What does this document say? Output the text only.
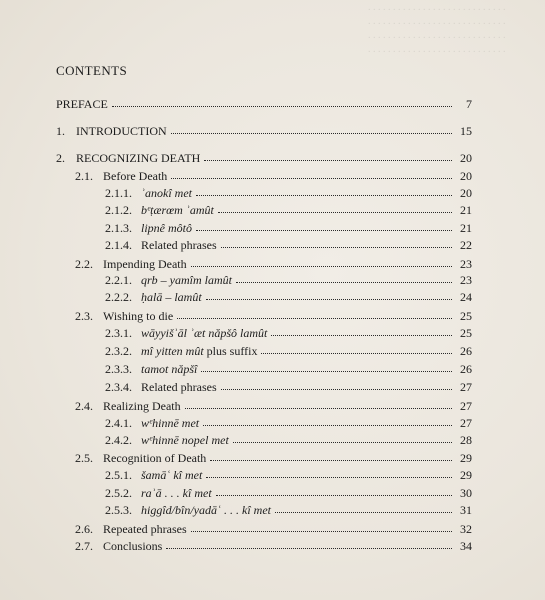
. . . . . . . . . . . . . . . . . . . . . . . . . . . .
. . . . . . . . . . . . . . . . . . . . . . . . . . . .
. . . . . . . . . . . . . . . . . . . . . . . . . . . .
. . . . . . . . . . . . . . . . . . . . . . . . . . . .
CONTENTS
PREFACE	7
1. INTRODUCTION	15
2. RECOGNIZING DEATH	20
2.1. Before Death	20
2.1.1. ʾanokî met	20
2.1.2. bᵉṭærœm ʾamût	21
2.1.3. lipnê môtô	21
2.1.4. Related phrases	22
2.2. Impending Death	23
2.2.1. qrb – yamîm lamût	23
2.2.2. ḥalā – lamût	24
2.3. Wishing to die	25
2.3.1. wāyyišʾāl ʾæt năpšô lamût	25
2.3.2. mî yitten mût plus suffix	26
2.3.3. tamot năpšî	26
2.3.4. Related phrases	27
2.4. Realizing Death	27
2.4.1. wᵉhinnē met	27
2.4.2. wᵉhinnē nopel met	28
2.5. Recognition of Death	29
2.5.1. šamāʿ kî met	29
2.5.2. raʾā . . . kî met	30
2.5.3. higgîd/bîn/yadāʿ . . . kî met	31
2.6. Repeated phrases	32
2.7. Conclusions	34
